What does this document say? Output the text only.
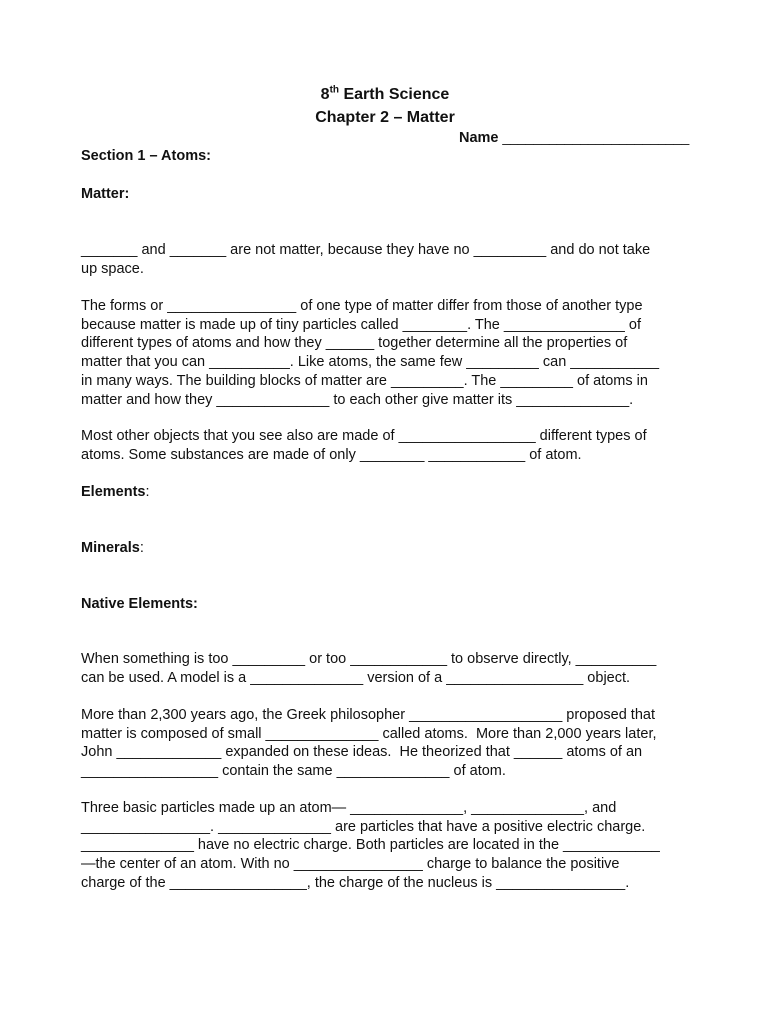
8th Earth Science
Chapter 2 – Matter
Name ________________________
Section 1 – Atoms:
Matter:
_______ and _______ are not matter, because they have no _________ and do not take
up space.
The forms or ________________ of one type of matter differ from those of another type
because matter is made up of tiny particles called ________. The _______________ of
different types of atoms and how they ______ together determine all the properties of
matter that you can __________. Like atoms, the same few _________ can ___________
in many ways. The building blocks of matter are _________. The _________ of atoms in
matter and how they ______________ to each other give matter its ______________.
Most other objects that you see also are made of _________________ different types of
atoms. Some substances are made of only ________ ____________ of atom.
Elements:
Minerals:
Native Elements:
When something is too _________ or too ____________ to observe directly, __________
can be used. A model is a ______________ version of a _________________ object.
More than 2,300 years ago, the Greek philosopher ___________________ proposed that
matter is composed of small ______________ called atoms.  More than 2,000 years later,
John _____________ expanded on these ideas.  He theorized that ______ atoms of an
_________________ contain the same ______________ of atom.
Three basic particles made up an atom— ______________, ______________, and
________________. ______________ are particles that have a positive electric charge.
______________ have no electric charge. Both particles are located in the ____________
—the center of an atom. With no ________________ charge to balance the positive
charge of the _________________, the charge of the nucleus is ________________.
